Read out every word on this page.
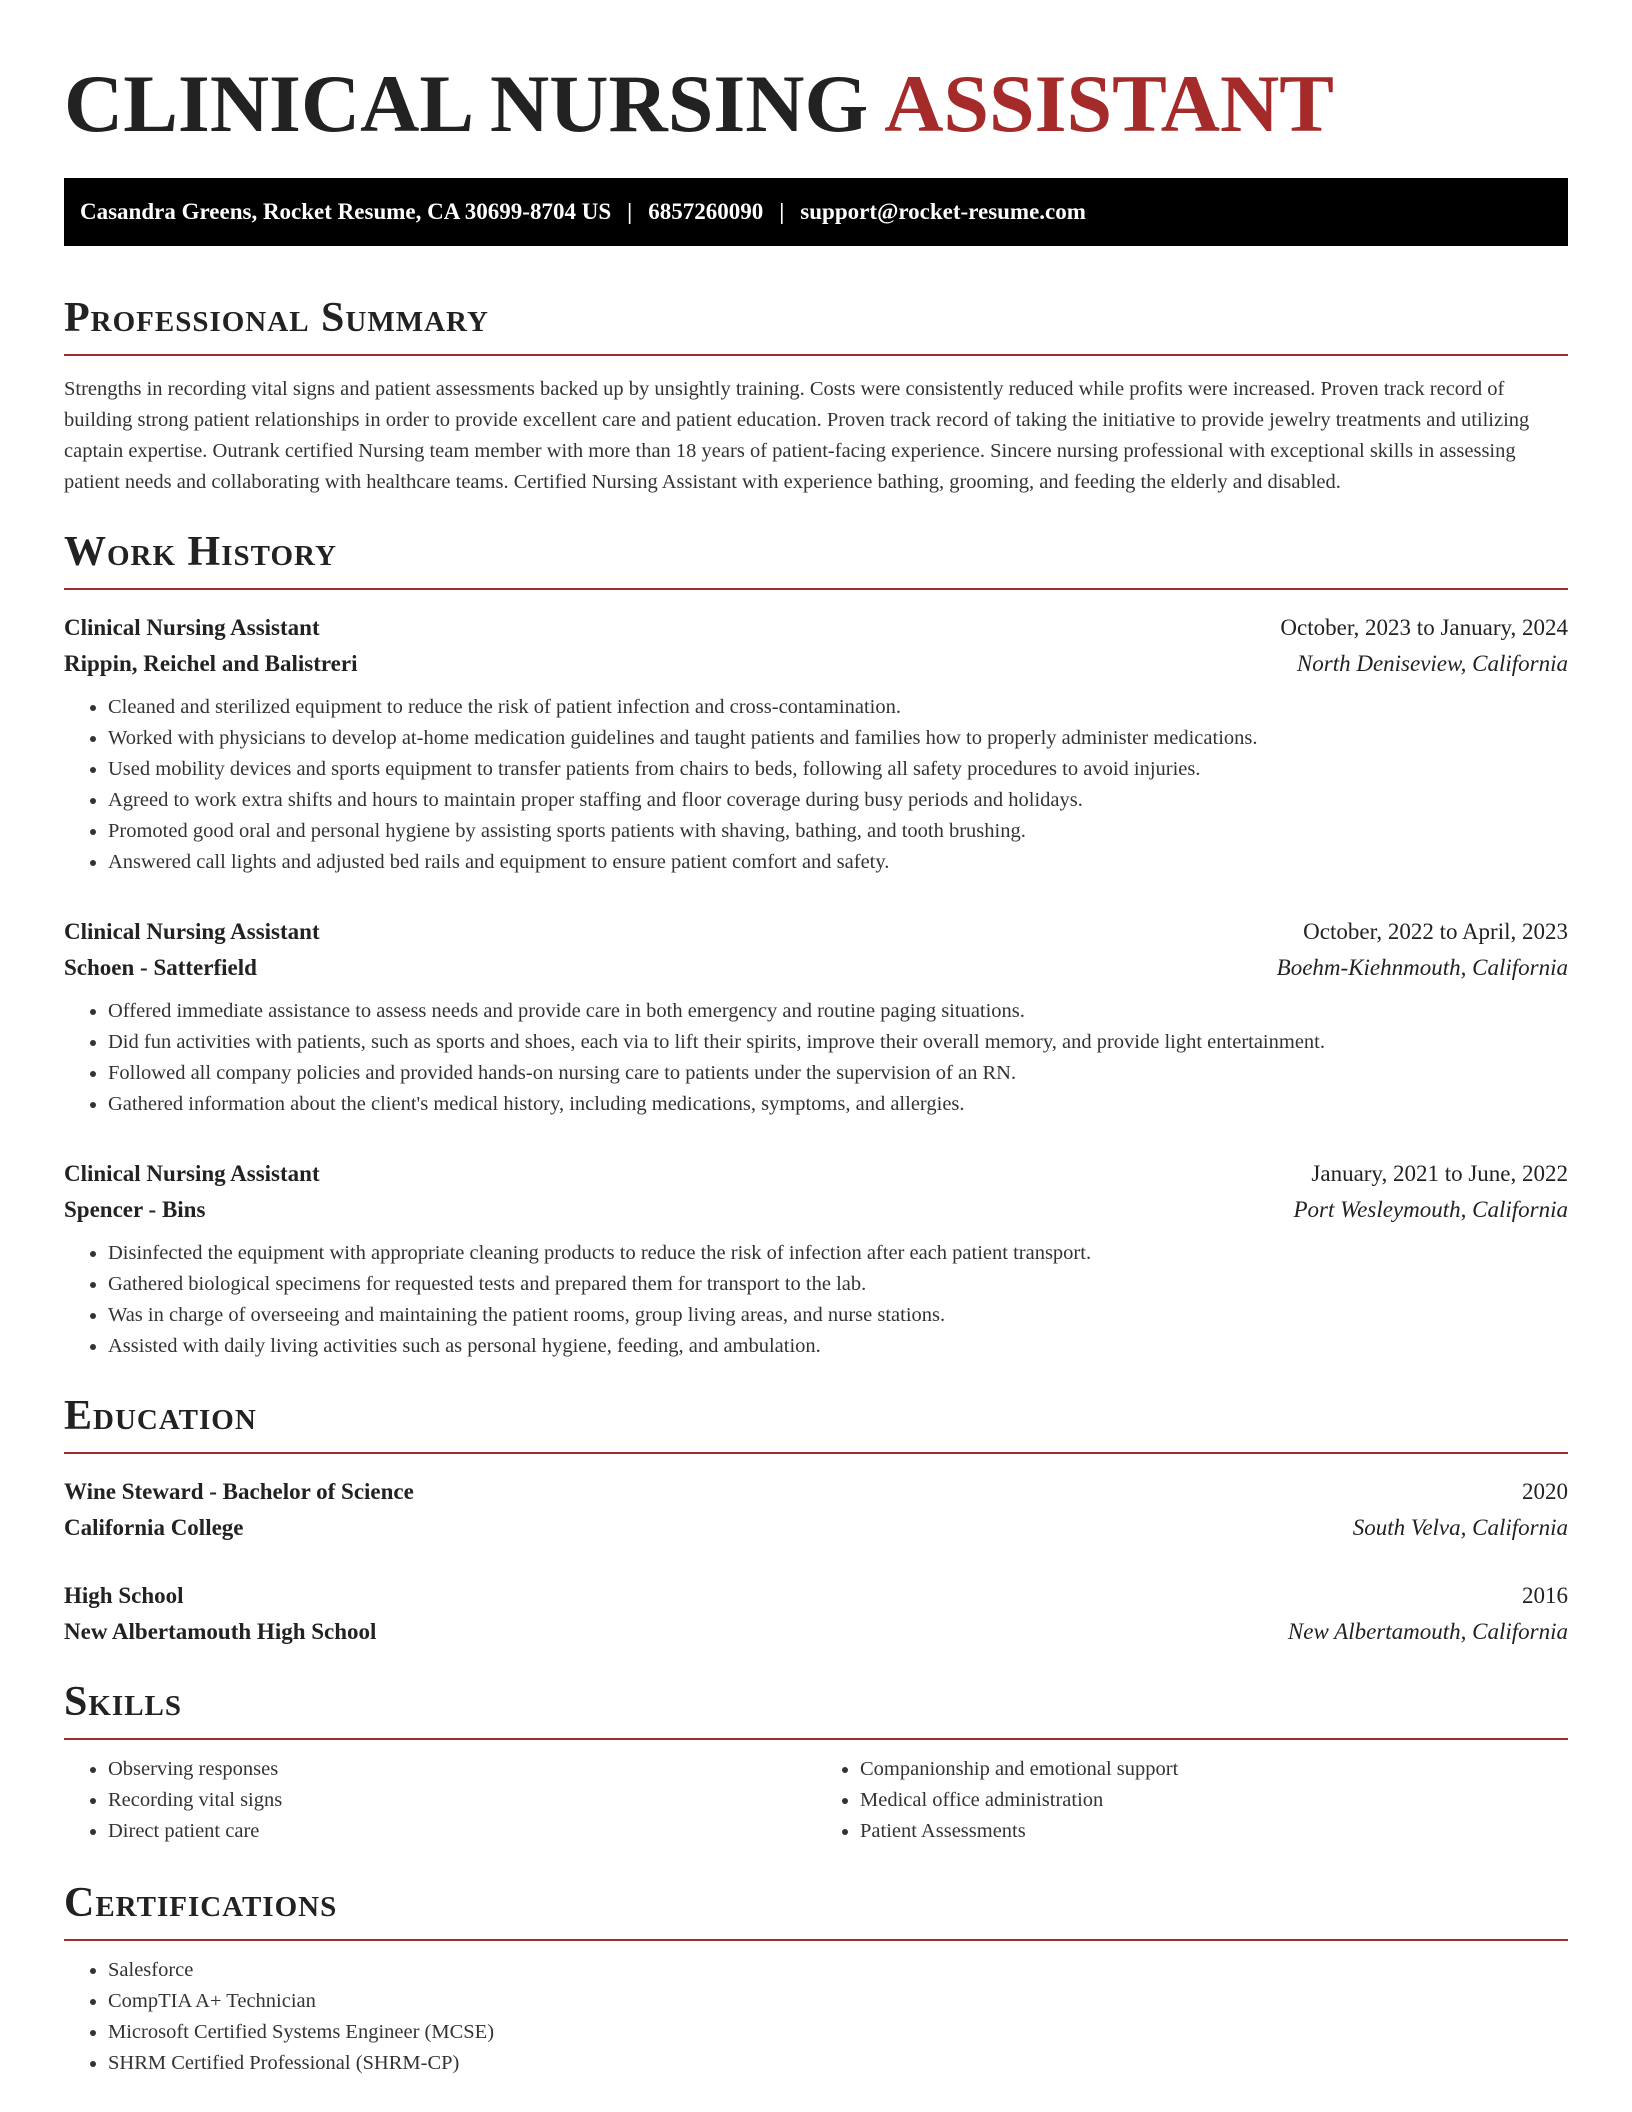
CLINICAL NURSING ASSISTANT
Casandra Greens, Rocket Resume, CA 30699-8704 US | 6857260090 | support@rocket-resume.com
Professional Summary

Strengths in recording vital signs and patient assessments backed up by unsightly training. Costs were consistently reduced while profits were increased. Proven track record of building strong patient relationships in order to provide excellent care and patient education. Proven track record of taking the initiative to provide jewelry treatments and utilizing captain expertise. Outrank certified Nursing team member with more than 18 years of patient-facing experience. Sincere nursing professional with exceptional skills in assessing patient needs and collaborating with healthcare teams. Certified Nursing Assistant with experience bathing, grooming, and feeding the elderly and disabled.

Work History
Clinical Nursing Assistant	October, 2023 to January, 2024
Rippin, Reichel and Balistreri	North Deniseview, California
• Cleaned and sterilized equipment to reduce the risk of patient infection and cross-contamination.
• Worked with physicians to develop at-home medication guidelines and taught patients and families how to properly administer medications.
• Used mobility devices and sports equipment to transfer patients from chairs to beds, following all safety procedures to avoid injuries.
• Agreed to work extra shifts and hours to maintain proper staffing and floor coverage during busy periods and holidays.
• Promoted good oral and personal hygiene by assisting sports patients with shaving, bathing, and tooth brushing.
• Answered call lights and adjusted bed rails and equipment to ensure patient comfort and safety.
Clinical Nursing Assistant	October, 2022 to April, 2023
Schoen - Satterfield	Boehm-Kiehnmouth, California
• Offered immediate assistance to assess needs and provide care in both emergency and routine paging situations.
• Did fun activities with patients, such as sports and shoes, each via to lift their spirits, improve their overall memory, and provide light entertainment.
• Followed all company policies and provided hands-on nursing care to patients under the supervision of an RN.
• Gathered information about the client's medical history, including medications, symptoms, and allergies.
Clinical Nursing Assistant	January, 2021 to June, 2022
Spencer - Bins	Port Wesleymouth, California
• Disinfected the equipment with appropriate cleaning products to reduce the risk of infection after each patient transport.
• Gathered biological specimens for requested tests and prepared them for transport to the lab.
• Was in charge of overseeing and maintaining the patient rooms, group living areas, and nurse stations.
• Assisted with daily living activities such as personal hygiene, feeding, and ambulation.
Education
Wine Steward - Bachelor of Science	2020
California College	South Velva, California
High School	2016
New Albertamouth High School	New Albertamouth, California
Skills
• Observing responses
• Recording vital signs
• Direct patient care
• Companionship and emotional support
• Medical office administration
• Patient Assessments
Certifications
• Salesforce
• CompTIA A+ Technician
• Microsoft Certified Systems Engineer (MCSE)
• SHRM Certified Professional (SHRM-CP)
